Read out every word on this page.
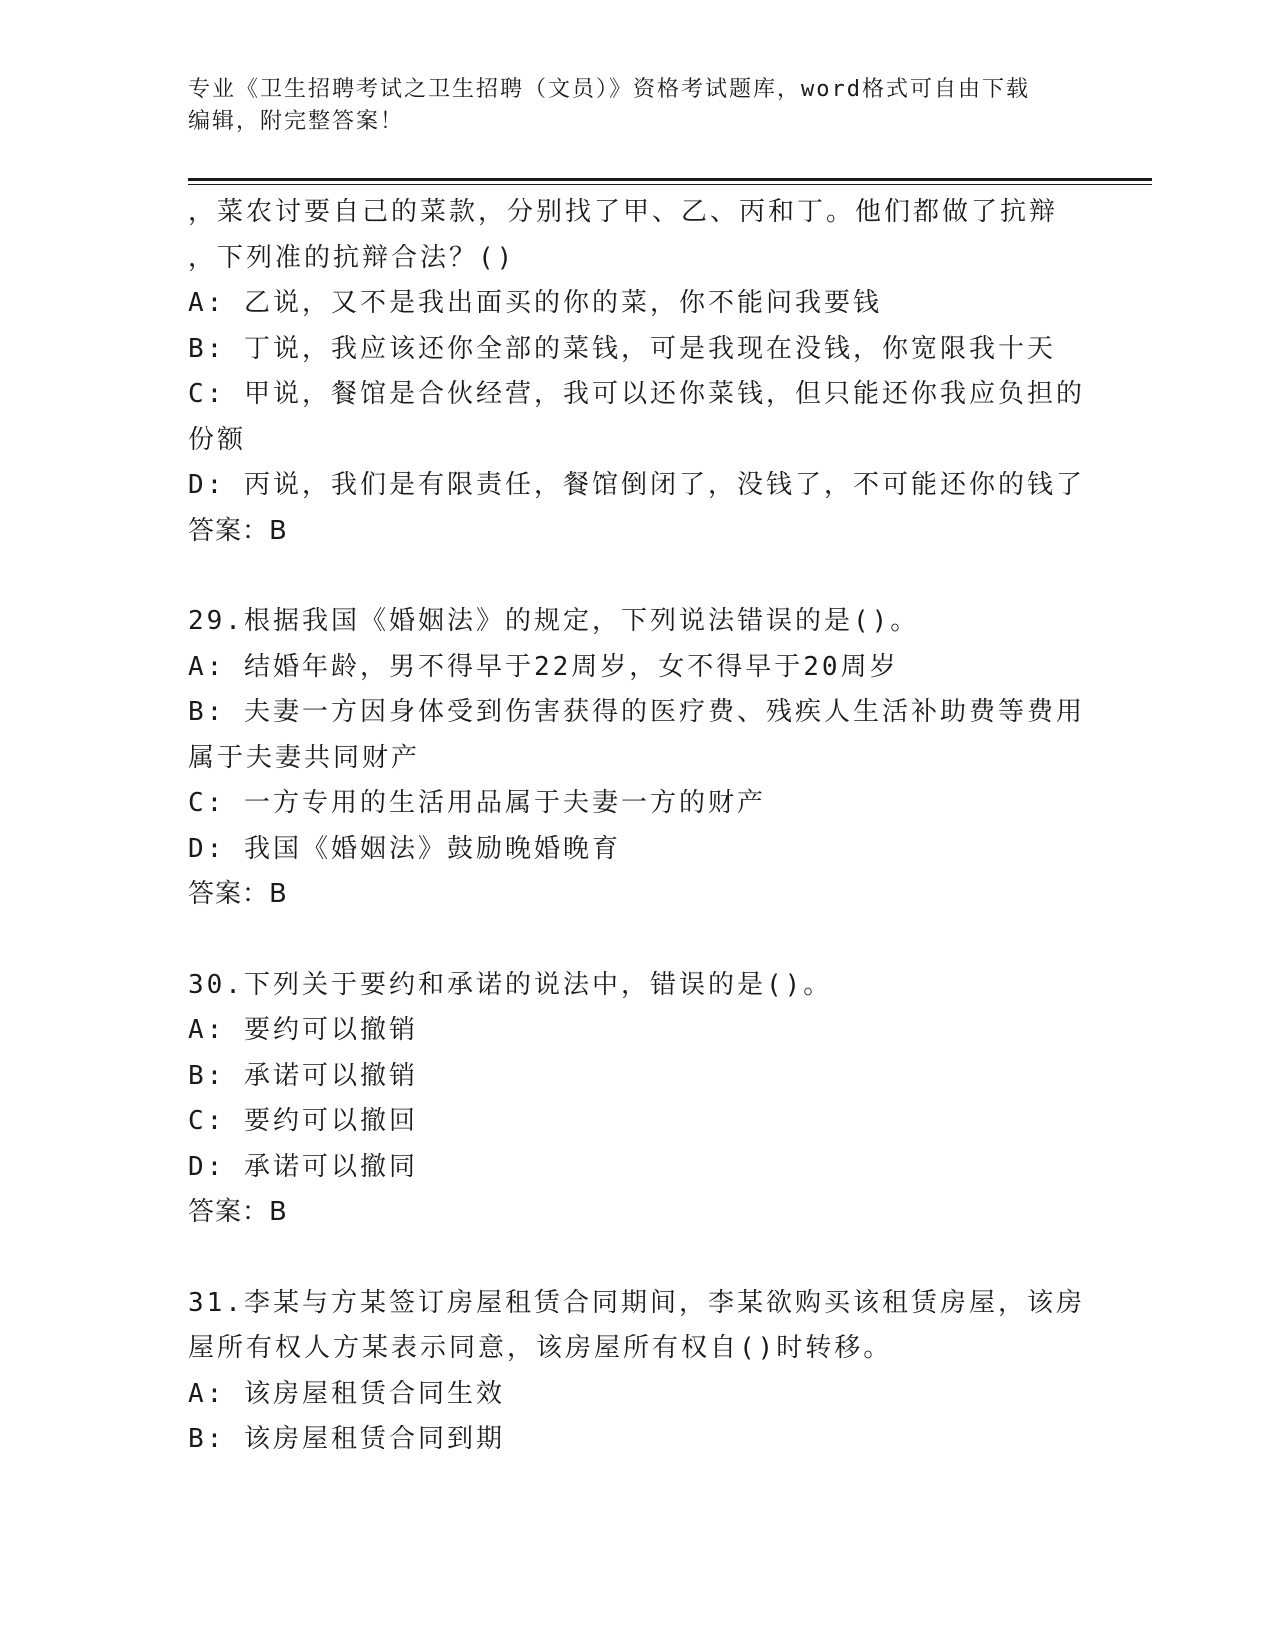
专业《卫生招聘考试之卫生招聘（文员）》资格考试题库，word格式可自由下载
编辑，附完整答案！
，菜农讨要自己的菜款，分别找了甲、乙、丙和丁。他们都做了抗辩
，下列准的抗辩合法？()
A: 乙说，又不是我出面买的你的菜，你不能问我要钱
B: 丁说，我应该还你全部的菜钱，可是我现在没钱，你宽限我十天
C: 甲说，餐馆是合伙经营，我可以还你菜钱，但只能还你我应负担的
份额
D: 丙说，我们是有限责任，餐馆倒闭了，没钱了，不可能还你的钱了
答案：B
29.根据我国《婚姻法》的规定，下列说法错误的是()。
A: 结婚年龄，男不得早于22周岁，女不得早于20周岁
B: 夫妻一方因身体受到伤害获得的医疗费、残疾人生活补助费等费用
属于夫妻共同财产
C: 一方专用的生活用品属于夫妻一方的财产
D: 我国《婚姻法》鼓励晚婚晚育
答案：B
30.下列关于要约和承诺的说法中，错误的是()。
A: 要约可以撤销
B: 承诺可以撤销
C: 要约可以撤回
D: 承诺可以撤同
答案：B
31.李某与方某签订房屋租赁合同期间，李某欲购买该租赁房屋，该房
屋所有权人方某表示同意，该房屋所有权自()时转移。
A: 该房屋租赁合同生效
B: 该房屋租赁合同到期
